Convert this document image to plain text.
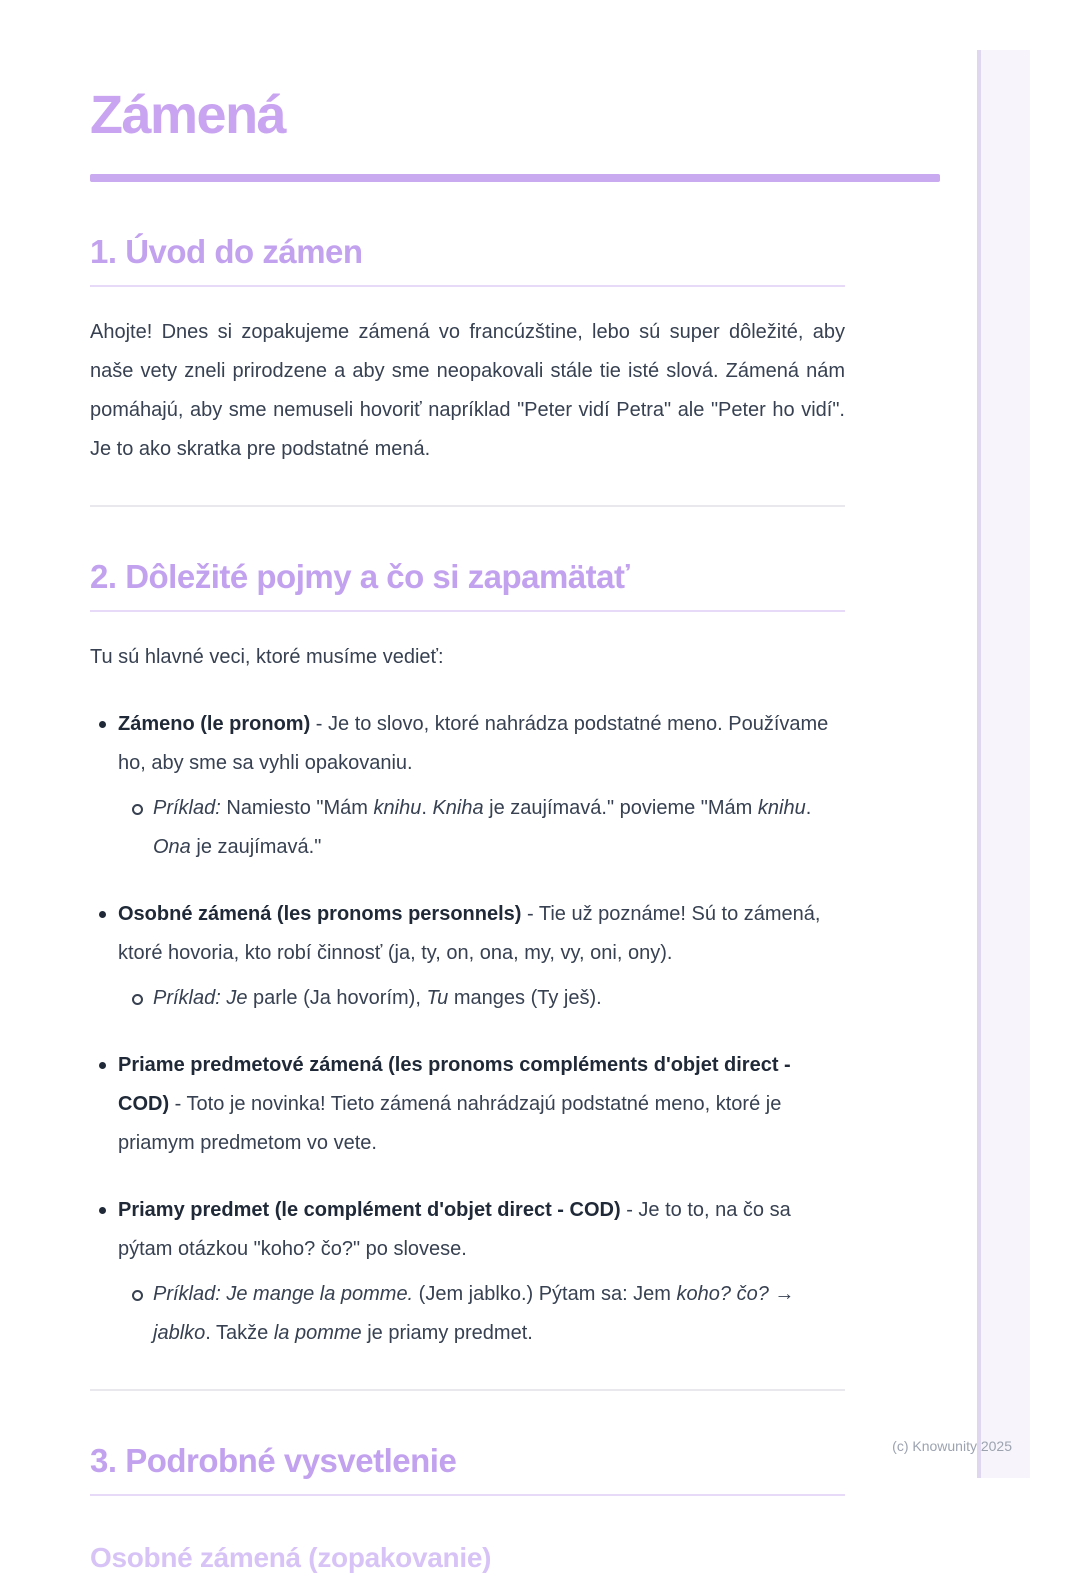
Zámená
1. Úvod do zámen

Ahojte! Dnes si zopakujeme zámená vo francúzštine, lebo sú super dôležité, aby naše vety zneli prirodzene a aby sme neopakovali stále tie isté slová. Zámená nám pomáhajú, aby sme nemuseli hovoriť napríklad "Peter vidí Petra" ale "Peter ho vidí". Je to ako skratka pre podstatné mená.

2. Dôležité pojmy a čo si zapamätať

Tu sú hlavné veci, ktoré musíme vedieť:

Zámeno (le pronom) - Je to slovo, ktoré nahrádza podstatné meno. Používame ho, aby sme sa vyhli opakovaniu.
Príklad: Namiesto "Mám knihu. Kniha je zaujímavá." povieme "Mám knihu. Ona je zaujímavá."
Osobné zámená (les pronoms personnels) - Tie už poznáme! Sú to zámená, ktoré hovoria, kto robí činnosť (ja, ty, on, ona, my, vy, oni, ony).
Príklad: Je parle (Ja hovorím), Tu manges (Ty ješ).
Priame predmetové zámená (les pronoms compléments d'objet direct - COD) - Toto je novinka! Tieto zámená nahrádzajú podstatné meno, ktoré je priamym predmetom vo vete.
Priamy predmet (le complément d'objet direct - COD) - Je to to, na čo sa pýtam otázkou "koho? čo?" po slovese.
Príklad: Je mange la pomme. (Jem jablko.) Pýtam sa: Jem koho? čo? → jablko. Takže la pomme je priamy predmet.
3. Podrobné vysvetlenie
Osobné zámená (zopakovanie)
(c) Knowunity 2025
